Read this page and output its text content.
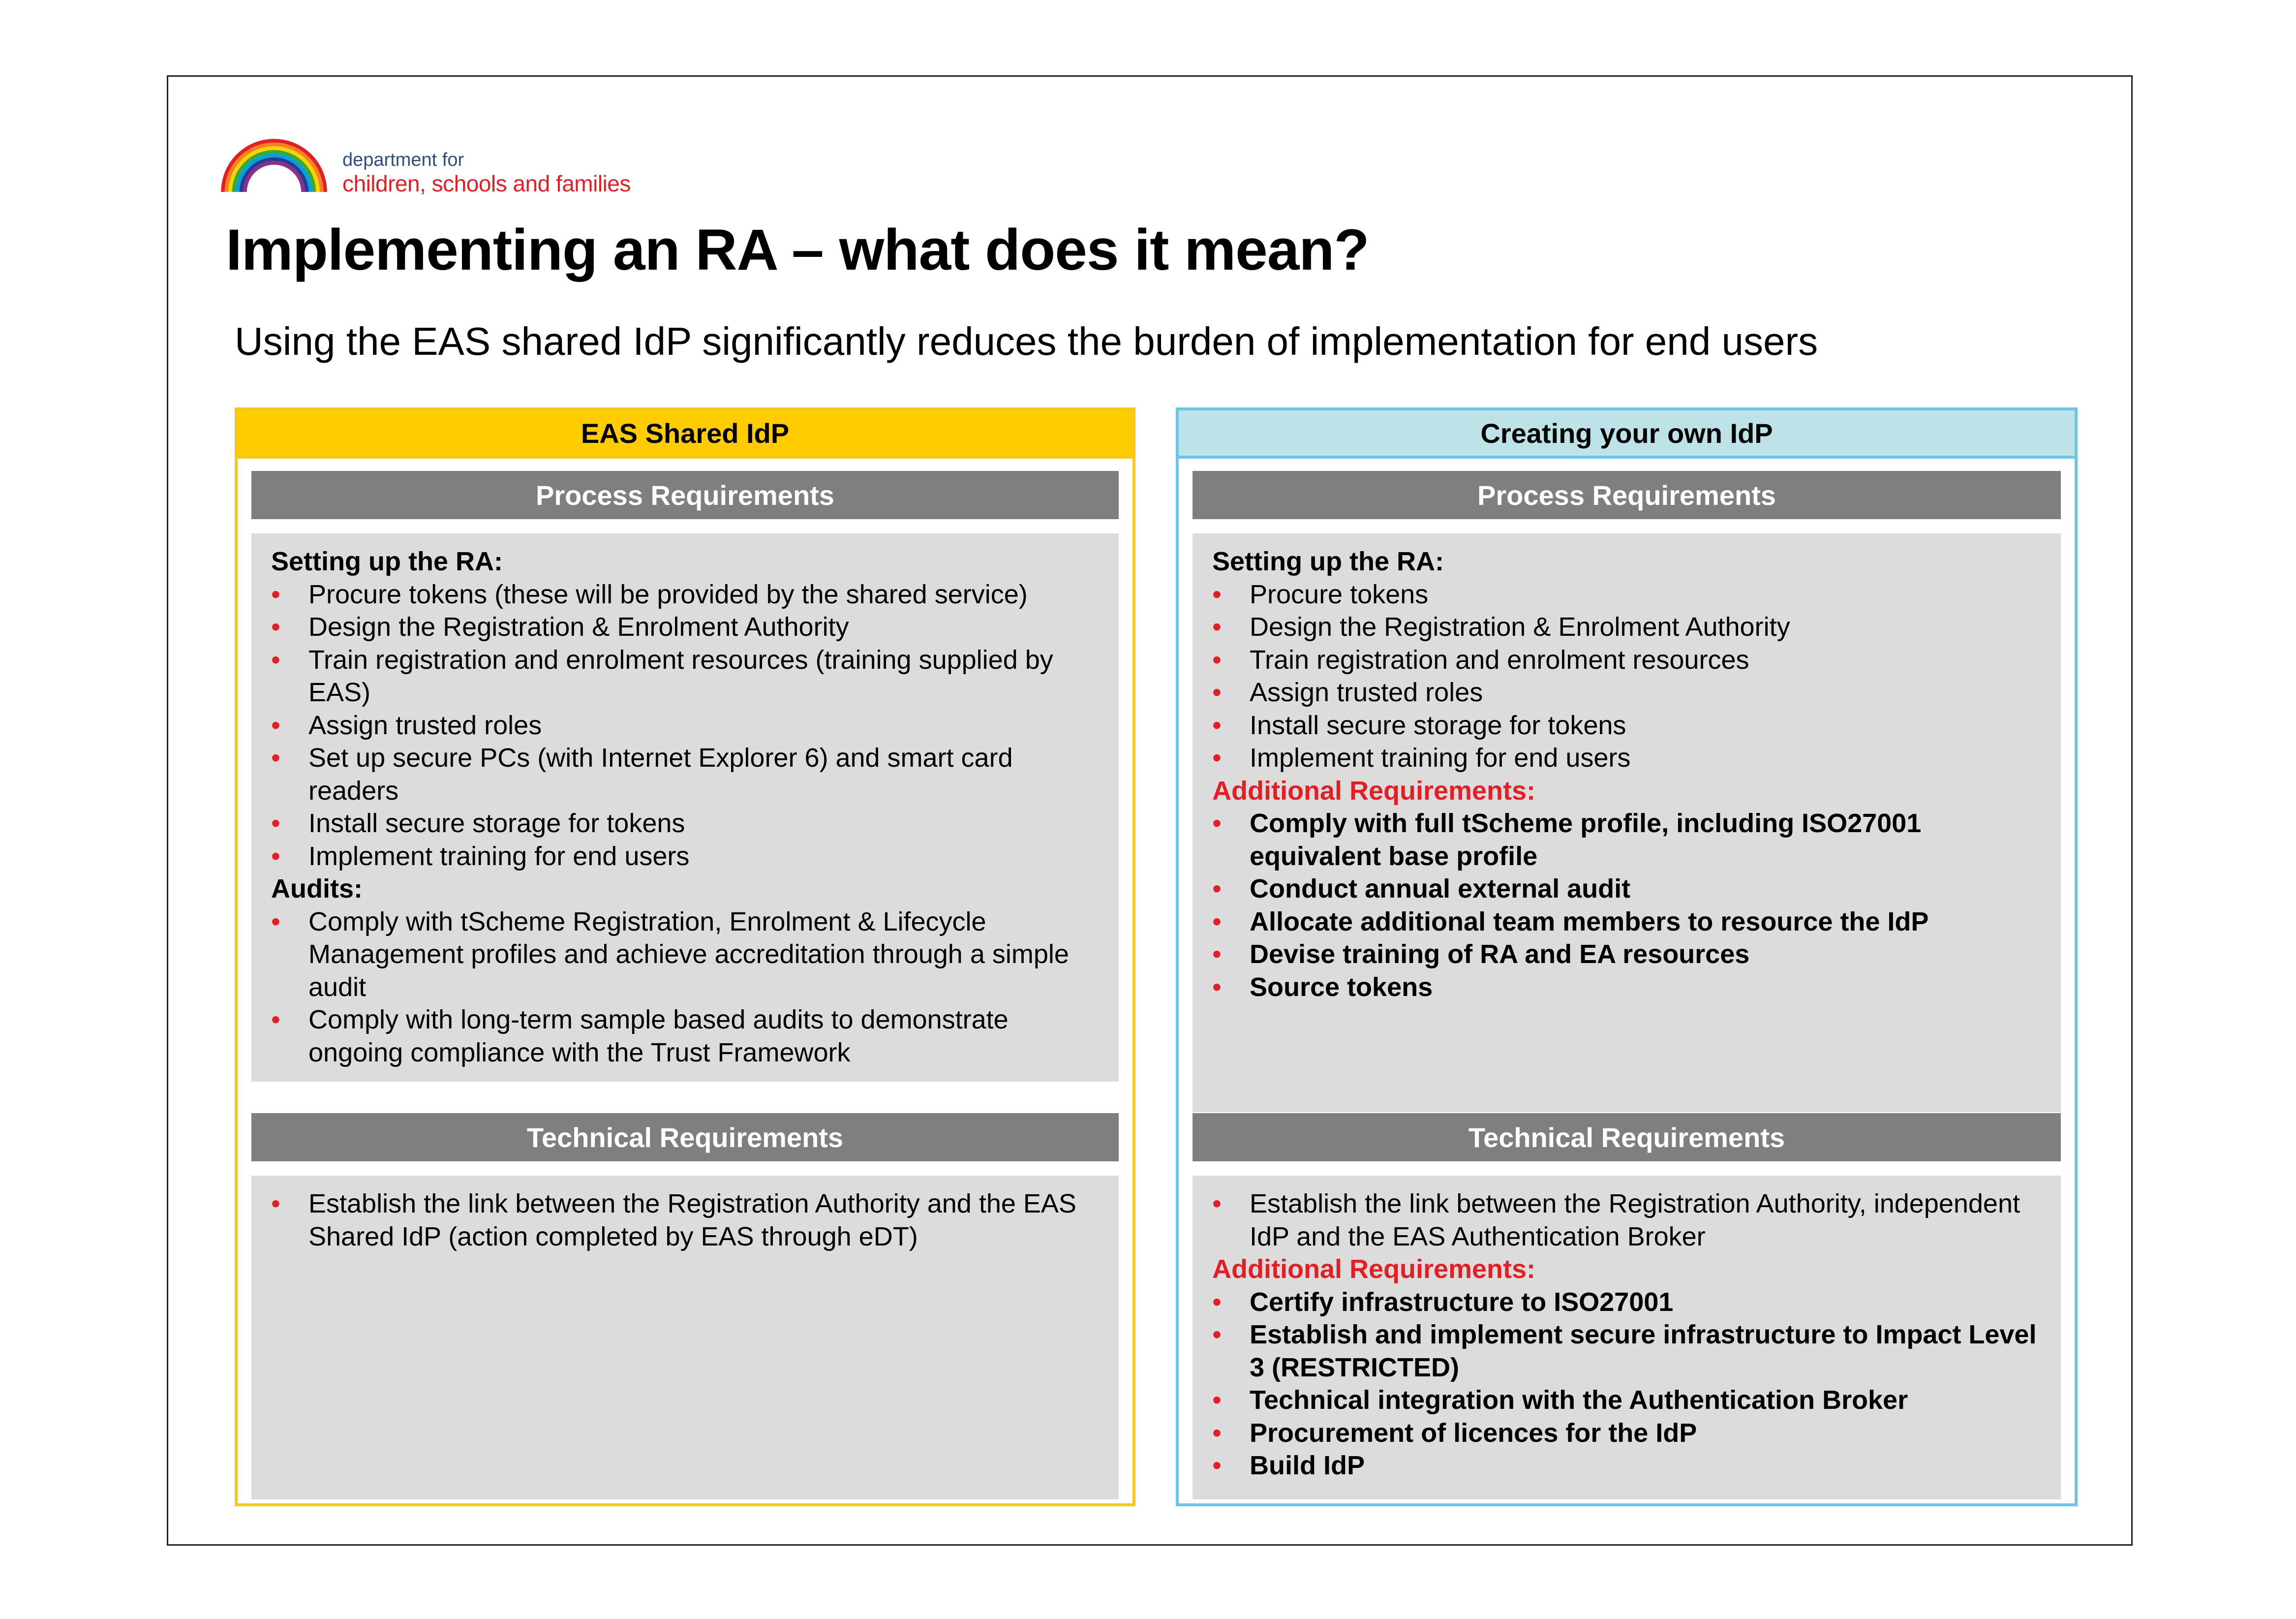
department for
children, schools and families
Implementing an RA – what does it mean?
Using the EAS shared IdP significantly reduces the burden of implementation for end users
EAS Shared IdP
Process Requirements
Setting up the RA:
• Procure tokens (these will be provided by the shared service)
• Design the Registration & Enrolment Authority
• Train registration and enrolment resources (training supplied by EAS)
• Assign trusted roles
• Set up secure PCs (with Internet Explorer 6) and smart card readers
• Install secure storage for tokens
• Implement training for end users
Audits:
• Comply with tScheme Registration, Enrolment & Lifecycle Management profiles and achieve accreditation through a simple audit
• Comply with long-term sample based audits to demonstrate ongoing compliance with the Trust Framework
Technical Requirements
• Establish the link between the Registration Authority and the EAS Shared IdP (action completed by EAS through eDT)
Creating your own IdP
Process Requirements
Setting up the RA:
• Procure tokens
• Design the Registration & Enrolment Authority
• Train registration and enrolment resources
• Assign trusted roles
• Install secure storage for tokens
• Implement training for end users
Additional Requirements:
• Comply with full tScheme profile, including ISO27001 equivalent base profile
• Conduct annual external audit
• Allocate additional team members to resource the IdP
• Devise training of RA and EA resources
• Source tokens
Technical Requirements
• Establish the link between the Registration Authority, independent IdP and the EAS Authentication Broker
Additional Requirements:
• Certify infrastructure to ISO27001
• Establish and implement secure infrastructure to Impact Level 3 (RESTRICTED)
• Technical integration with the Authentication Broker
• Procurement of licences for the IdP
• Build IdP
